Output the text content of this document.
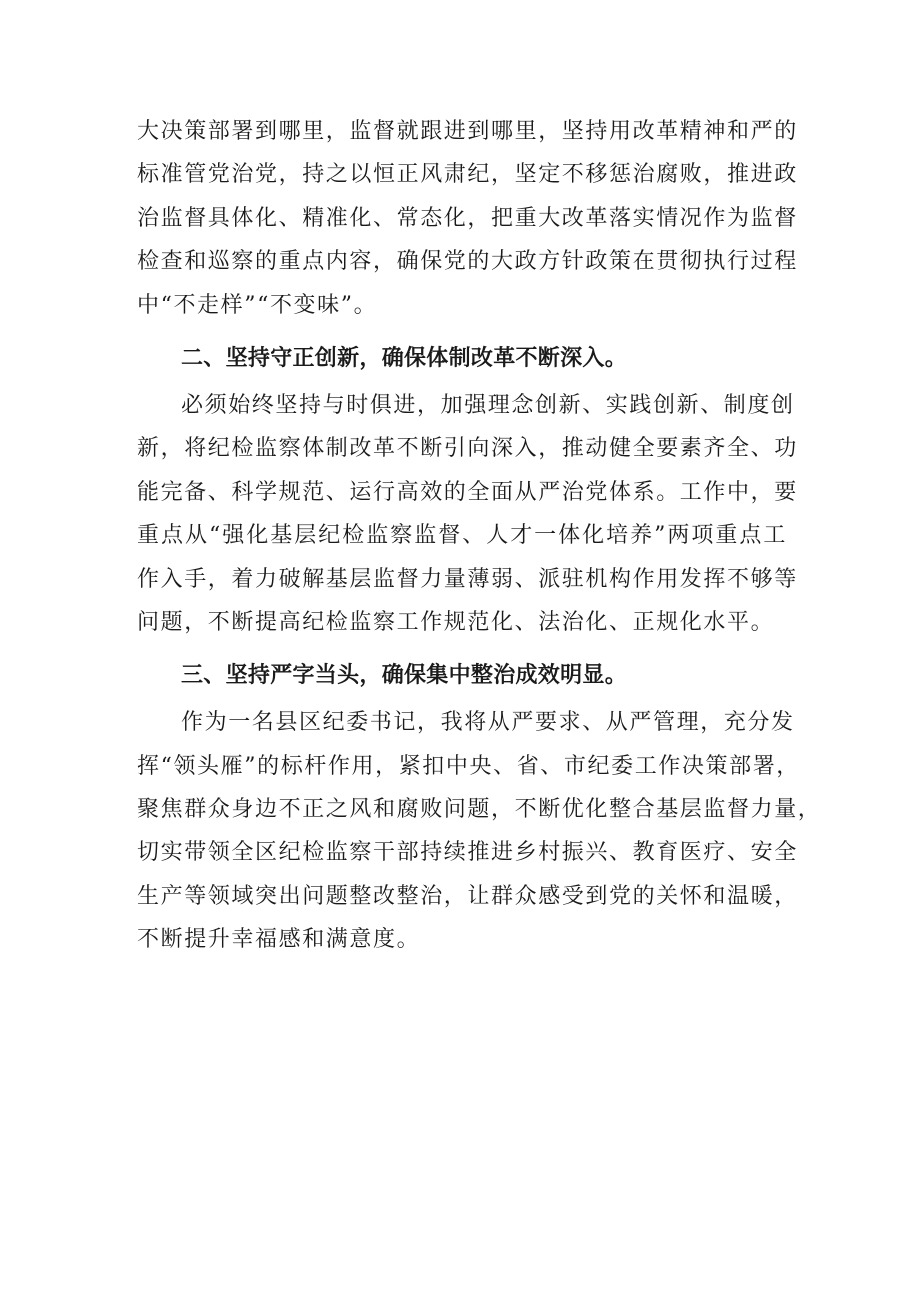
大决策部署到哪里，监督就跟进到哪里，坚持用改革精神和严的
标准管党治党，持之以恒正风肃纪，坚定不移惩治腐败，推进政
治监督具体化、精准化、常态化，把重大改革落实情况作为监督
检查和巡察的重点内容，确保党的大政方针政策在贯彻执行过程
中“不走样”“不变味”。
二、坚持守正创新，确保体制改革不断深入。
必须始终坚持与时俱进，加强理念创新、实践创新、制度创
新，将纪检监察体制改革不断引向深入，推动健全要素齐全、功
能完备、科学规范、运行高效的全面从严治党体系。工作中，要
重点从“强化基层纪检监察监督、人才一体化培养”两项重点工
作入手，着力破解基层监督力量薄弱、派驻机构作用发挥不够等
问题，不断提高纪检监察工作规范化、法治化、正规化水平。
三、坚持严字当头，确保集中整治成效明显。
作为一名县区纪委书记，我将从严要求、从严管理，充分发
挥“领头雁”的标杆作用，紧扣中央、省、市纪委工作决策部署，
聚焦群众身边不正之风和腐败问题，不断优化整合基层监督力量，
切实带领全区纪检监察干部持续推进乡村振兴、教育医疗、安全
生产等领域突出问题整改整治，让群众感受到党的关怀和温暖，
不断提升幸福感和满意度。
